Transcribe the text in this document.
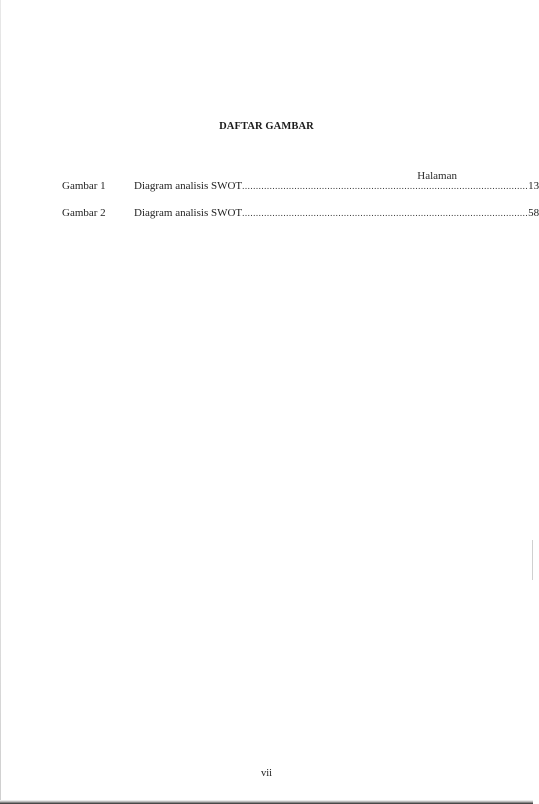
DAFTAR GAMBAR
Halaman
Gambar 1	Diagram analisis SWOT ........................................................................................................ 13
Gambar 2	Diagram analisis SWOT ........................................................................................................ 58
vii
